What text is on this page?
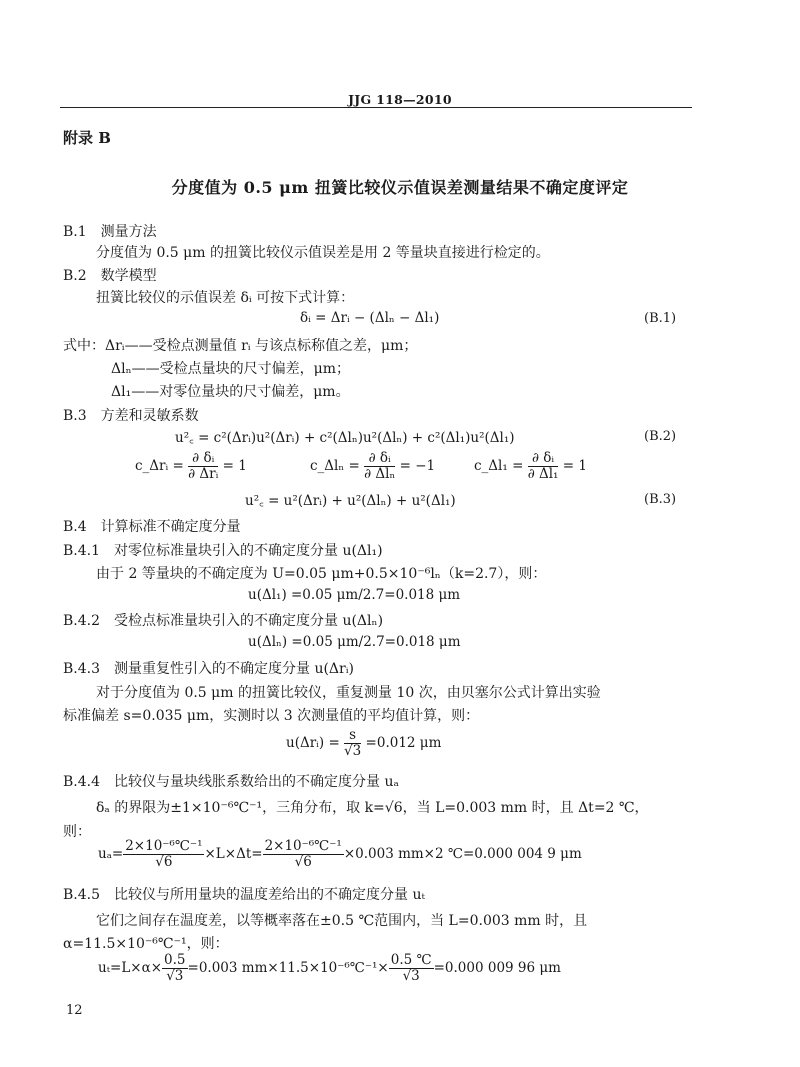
JJG 118—2010
附录 B
分度值为 0.5 μm 扭簧比较仪示值误差测量结果不确定度评定
B.1　测量方法
分度值为 0.5 μm 的扭簧比较仪示值误差是用 2 等量块直接进行检定的。
B.2　数学模型
扭簧比较仪的示值误差 δᵢ 可按下式计算：
δᵢ = Δrᵢ − (Δlₙ − Δl₁)	(B.1)
式中：Δrᵢ——受检点测量值 rᵢ 与该点标称值之差，μm；
Δlₙ——受检点量块的尺寸偏差，μm；
Δl₁——对零位量块的尺寸偏差，μm。
B.3　方差和灵敏系数
u²꜀ = c²(Δrᵢ)u²(Δrᵢ) + c²(Δlₙ)u²(Δlₙ) + c²(Δl₁)u²(Δl₁)	(B.2)
c_Δrᵢ = $\frac{\text{∂ δᵢ}}{\text{∂ Δrᵢ}} = 1$	c_Δlₙ = $\frac{\text{∂ δᵢ}}{\text{∂ Δlₙ}} = -1$	c_Δl₁ = $\frac{\text{∂ δᵢ}}{\text{∂ Δl₁}} = 1$
u²꜀ = u²(Δrᵢ) + u²(Δlₙ) + u²(Δl₁)	(B.3)
B.4　计算标准不确定度分量
B.4.1　对零位标准量块引入的不确定度分量 u(Δl₁)
由于 2 等量块的不确定度为 U=0.05 μm+0.5×10⁻⁶lₙ（k=2.7），则：
u(Δl₁) =0.05 μm/2.7=0.018 μm
B.4.2　受检点标准量块引入的不确定度分量 u(Δlₙ)
u(Δlₙ) =0.05 μm/2.7=0.018 μm
B.4.3　测量重复性引入的不确定度分量 u(Δrᵢ)
对于分度值为 0.5 μm 的扭簧比较仪，重复测量 10 次，由贝塞尔公式计算出实验
标准偏差 s=0.035 μm，实测时以 3 次测量值的平均值计算，则：
u(Δrᵢ) = $\frac{s}{√3} =0.012$ μm
B.4.4　比较仪与量块线胀系数给出的不确定度分量 uₐ
δₐ 的界限为±1×10⁻⁶℃⁻¹，三角分布，取 k=√6，当 L=0.003 mm 时，且 Δt=2 ℃，
则：
$u_a= \frac{\text{2×10⁻⁶℃⁻¹}}{√6} \times L\times\Delta t= \frac{\text{2×10⁻⁶℃⁻¹}}{√6} \times 0.003$ mm×2 ℃=0.000 004 9 μm
B.4.5　比较仪与所用量块的温度差给出的不确定度分量 uₜ
它们之间存在温度差，以等概率落在±0.5 ℃范围内，当 L=0.003 mm 时，且
α=11.5×10⁻⁶℃⁻¹，则：
$u_t=L\times\alpha\times \frac{0.5}{√3} =0.003$ mm×11.5×10⁻⁶℃⁻¹× $\frac{0.5 ℃}{√3} =0.000$ 009 96 μm
12
